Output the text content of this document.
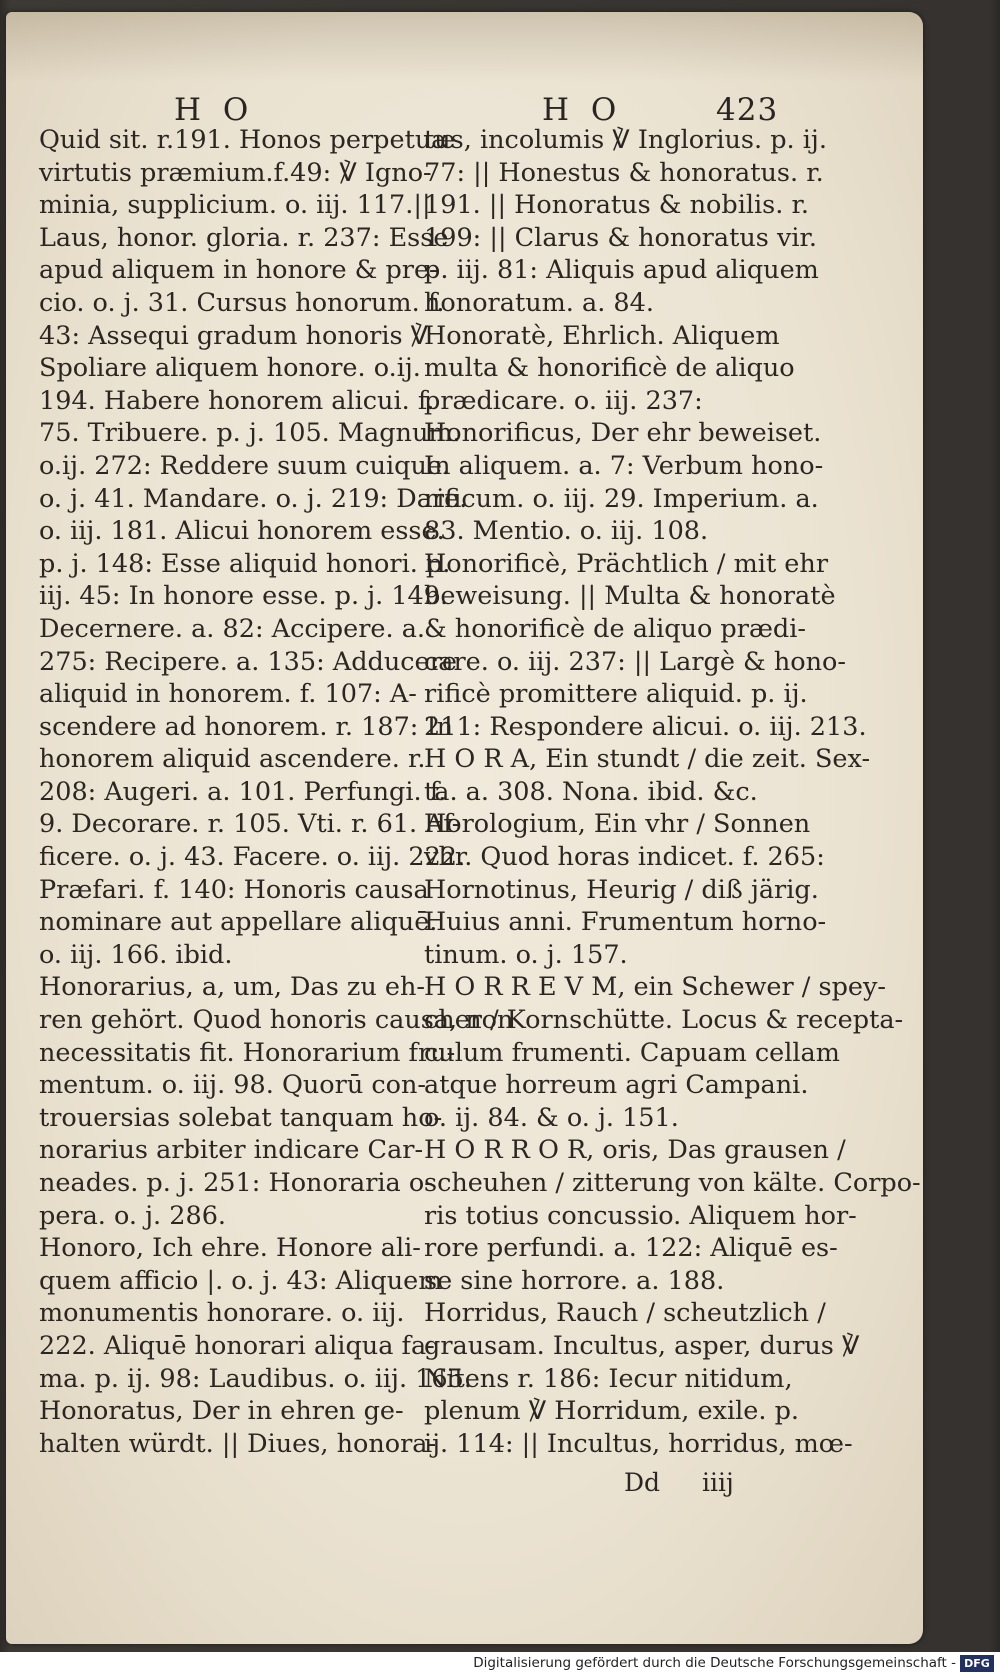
H O	H O	423
Quid sit. r.191. Honos perpetuæ
virtutis præmium.f.49: ℣ Igno-
minia, supplicium. o. iij. 117.||
Laus, honor. gloria. r. 237: Esse
apud aliquem in honore & pre-
cio. o. j. 31. Cursus honorum. f.
43: Assequi gradum honoris ℣
Spoliare aliquem honore. o.ij.
194. Habere honorem alicui. f.
75. Tribuere. p. j. 105. Magnum.
o.ij. 272: Reddere suum cuique.
o. j. 41. Mandare. o. j. 219: Dare.
o. iij. 181. Alicui honorem esse.
p. j. 148: Esse aliquid honori. p.
iij. 45: In honore esse. p. j. 149.
Decernere. a. 82: Accipere. a.
275: Recipere. a. 135: Adducere
aliquid in honorem. f. 107: A-
scendere ad honorem. r. 187: In
honorem aliquid ascendere. r.
208: Augeri. a. 101. Perfungi. f.
9. Decorare. r. 105. Vti. r. 61. Af-
ficere. o. j. 43. Facere. o. iij. 222.
Præfari. f. 140: Honoris causa
nominare aut appellare aliquē.
o. iij. 166. ibid.
Honorarius, a, um, Das zu eh-
ren gehört. Quod honoris causa, non
necessitatis fit. Honorarium fru-
mentum. o. iij. 98. Quorū con-
trouersias solebat tanquam ho-
norarius arbiter indicare Car-
neades. p. j. 251: Honoraria o-
pera. o. j. 286.
Honoro, Ich ehre. Honore ali-
quem afficio |. o. j. 43: Aliquem
monumentis honorare. o. iij.
222. Aliquē honorari aliqua fa-
ma. p. ij. 98: Laudibus. o. iij. 165.
Honoratus, Der in ehren ge-
halten würdt. || Diues, honora-
tus, incolumis ℣ Inglorius. p. ij.
77: || Honestus & honoratus. r.
191. || Honoratus & nobilis. r.
199: || Clarus & honoratus vir.
p. iij. 81: Aliquis apud aliquem
honoratum. a. 84.
Honoratè, Ehrlich. Aliquem
multa & honorificè de aliquo
prædicare. o. iij. 237:
Honorificus, Der ehr beweiset.
In aliquem. a. 7: Verbum hono-
rificum. o. iij. 29. Imperium. a.
83. Mentio. o. iij. 108.
Honorificè, Prächtlich / mit ehr
beweisung. || Multa & honoratè
& honorificè de aliquo prædi-
care. o. iij. 237: || Largè & hono-
rificè promittere aliquid. p. ij.
211: Respondere alicui. o. iij. 213.
H O R A, Ein stundt / die zeit. Sex-
ta. a. 308. Nona. ibid. &c.
Horologium, Ein vhr / Sonnen
vhr. Quod horas indicet. f. 265:
Hornotinus, Heurig / diß järig.
Huius anni. Frumentum horno-
tinum. o. j. 157.
H O R R E V M, ein Schewer / spey-
cher / Kornschütte. Locus & recepta-
culum frumenti. Capuam cellam
atque horreum agri Campani.
o. ij. 84. & o. j. 151.
H O R R O R, oris, Das grausen /
scheuhen / zitterung von kälte. Corpo-
ris totius concussio. Aliquem hor-
rore perfundi. a. 122: Aliquē es-
se sine horrore. a. 188.
Horridus, Rauch / scheutzlich /
grausam. Incultus, asper, durus ℣
Nitens r. 186: Iecur nitidum,
plenum ℣ Horridum, exile. p.
ij. 114: || Incultus, horridus, mœ-
Dd iiij
Digitalisierung gefördert durch die Deutsche Forschungsgemeinschaft - DFG
